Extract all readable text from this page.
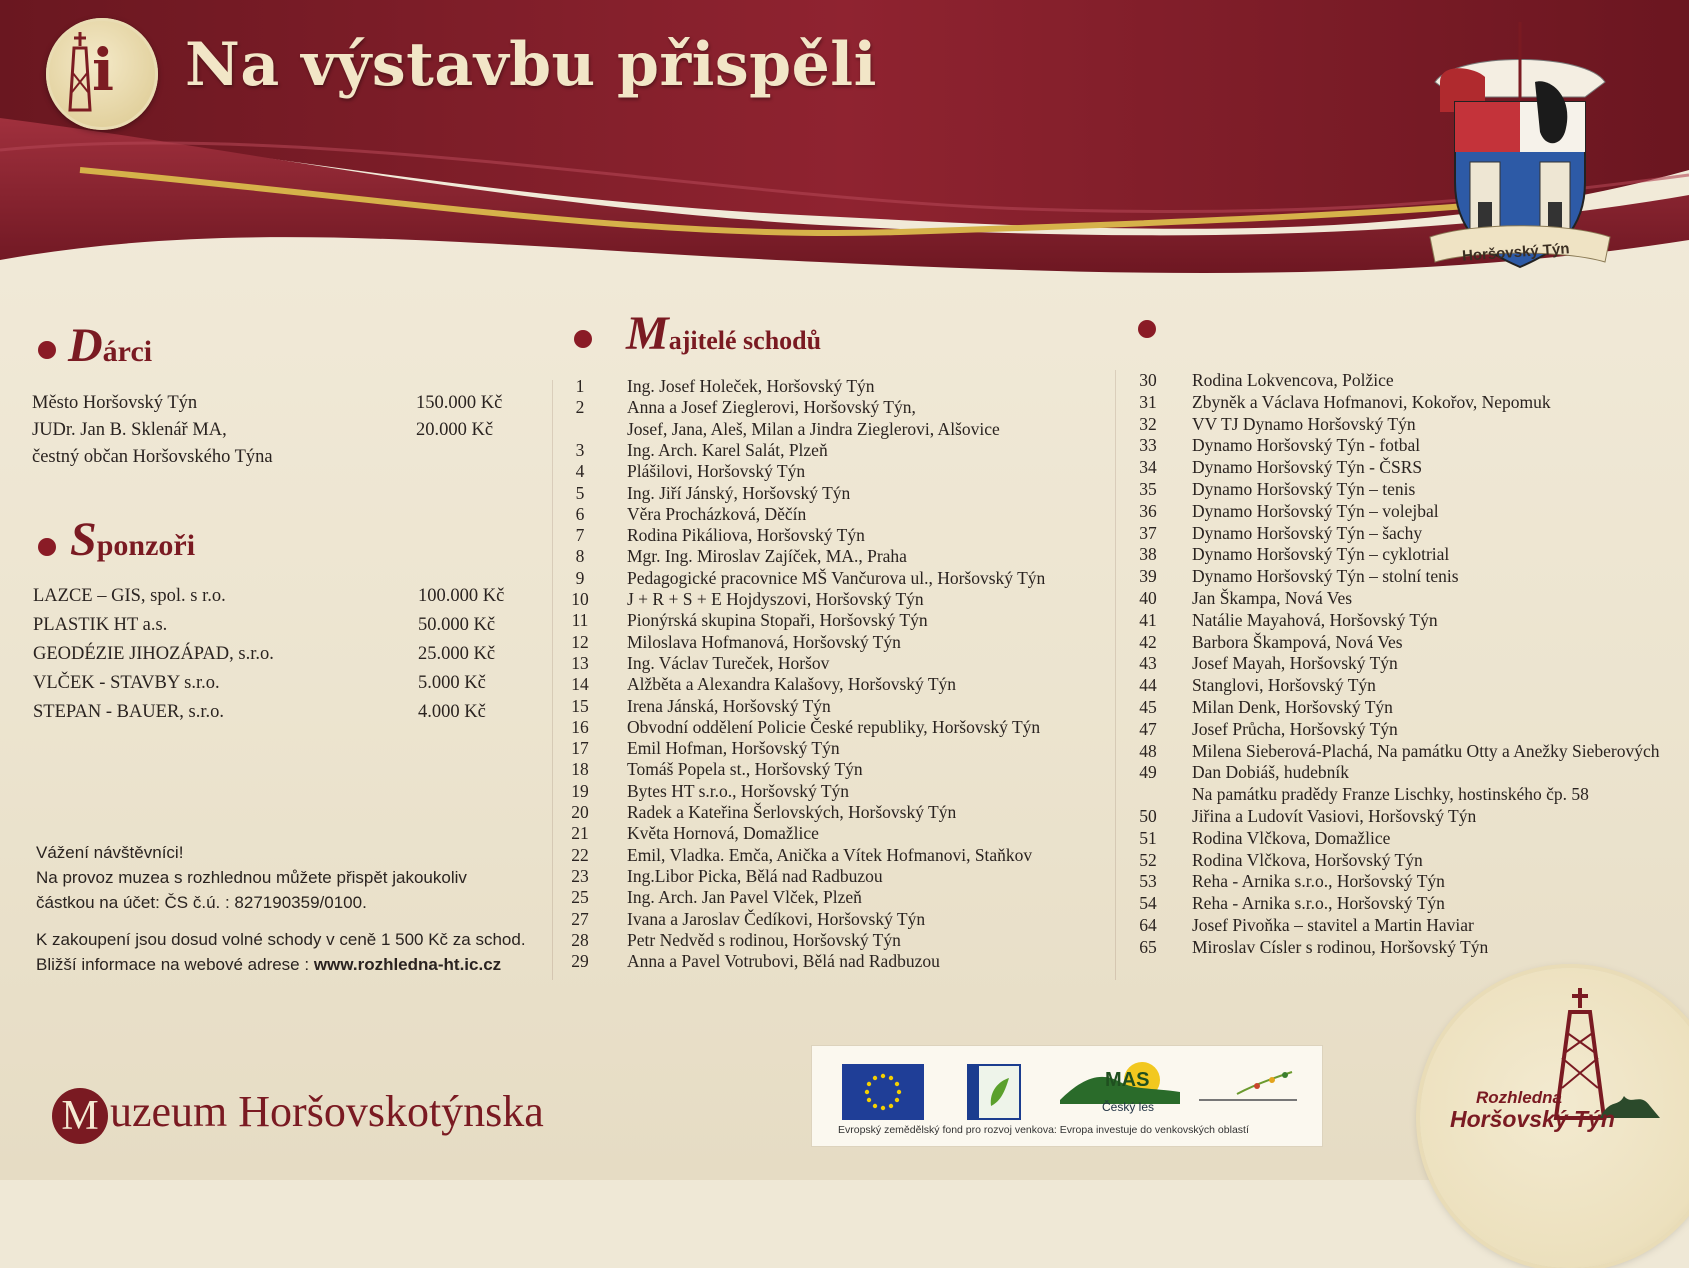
i Na výstavbu přispěli
Horšovský Týn
Dárci
Město Horšovský Týn	150.000 Kč
JUDr. Jan B. Sklenář MA,	20.000 Kč
čestný občan Horšovského Týna
Sponzoři
LAZCE – GIS, spol. s r.o.	100.000 Kč
PLASTIK HT a.s.	50.000 Kč
GEODÉZIE JIHOZÁPAD, s.r.o.	25.000 Kč
VLČEK - STAVBY s.r.o.	5.000 Kč
STEPAN - BAUER, s.r.o.	4.000 Kč
Vážení návštěvníci!
Na provoz muzea s rozhlednou můžete přispět jakoukoliv
částkou na účet: ČS č.ú. : 827190359/0100.
K zakoupení jsou dosud volné schody v ceně 1 500 Kč za schod.
Bližší informace na webové adrese : www.rozhledna-ht.ic.cz
Majitelé schodů
1	Ing. Josef Holeček, Horšovský Týn
2	Anna a Josef Zieglerovi, Horšovský Týn,
Josef, Jana, Aleš, Milan a Jindra Zieglerovi, Alšovice
3	Ing. Arch. Karel Salát, Plzeň
4	Plášilovi, Horšovský Týn
5	Ing. Jiří Jánský, Horšovský Týn
6	Věra Procházková, Děčín
7	Rodina Pikáliova, Horšovský Týn
8	Mgr. Ing. Miroslav Zajíček, MA., Praha
9	Pedagogické pracovnice MŠ Vančurova ul., Horšovský Týn
10	J + R + S + E Hojdyszovi, Horšovský Týn
11	Pionýrská skupina Stopaři, Horšovský Týn
12	Miloslava Hofmanová, Horšovský Týn
13	Ing. Václav Tureček, Horšov
14	Alžběta a Alexandra Kalašovy, Horšovský Týn
15	Irena Jánská, Horšovský Týn
16	Obvodní oddělení Policie České republiky, Horšovský Týn
17	Emil Hofman, Horšovský Týn
18	Tomáš Popela st., Horšovský Týn
19	Bytes HT s.r.o., Horšovský Týn
20	Radek a Kateřina Šerlovských, Horšovský Týn
21	Květa Hornová, Domažlice
22	Emil, Vladka. Emča, Anička a Vítek Hofmanovi, Staňkov
23	Ing.Libor Picka, Bělá nad Radbuzou
25	Ing. Arch. Jan Pavel Vlček, Plzeň
27	Ivana a Jaroslav Čedíkovi, Horšovský Týn
28	Petr Nedvěd s rodinou, Horšovský Týn
29	Anna a Pavel Votrubovi, Bělá nad Radbuzou
30	Rodina Lokvencova, Polžice
31	Zbyněk a Václava Hofmanovi, Kokořov, Nepomuk
32	VV TJ Dynamo Horšovský Týn
33	Dynamo Horšovský Týn - fotbal
34	Dynamo Horšovský Týn - ČSRS
35	Dynamo Horšovský Týn – tenis
36	Dynamo Horšovský Týn – volejbal
37	Dynamo Horšovský Týn – šachy
38	Dynamo Horšovský Týn – cyklotrial
39	Dynamo Horšovský Týn – stolní tenis
40	Jan Škampa, Nová Ves
41	Natálie Mayahová, Horšovský Týn
42	Barbora Škampová, Nová Ves
43	Josef Mayah, Horšovský Týn
44	Stanglovi, Horšovský Týn
45	Milan Denk, Horšovský Týn
47	Josef Průcha, Horšovský Týn
48	Milena Sieberová-Plachá, Na památku Otty a Anežky Sieberových
49	Dan Dobiáš, hudebník
Na památku pradědy Franze Lischky, hostinského čp. 58
50	Jiřina a Ludovít Vasiovi, Horšovský Týn
51	Rodina Vlčkova, Domažlice
52	Rodina Vlčkova, Horšovský Týn
53	Reha - Arnika s.r.o., Horšovský Týn
54	Reha - Arnika s.r.o., Horšovský Týn
64	Josef Pivoňka – stavitel a Martin Haviar
65	Miroslav Císler s rodinou, Horšovský Týn
M uzeum Horšovskotýnska
MAS
Český les
Evropský zemědělský fond pro rozvoj venkova: Evropa investuje do venkovských oblastí
Rozhledna
Horšovský Týn
